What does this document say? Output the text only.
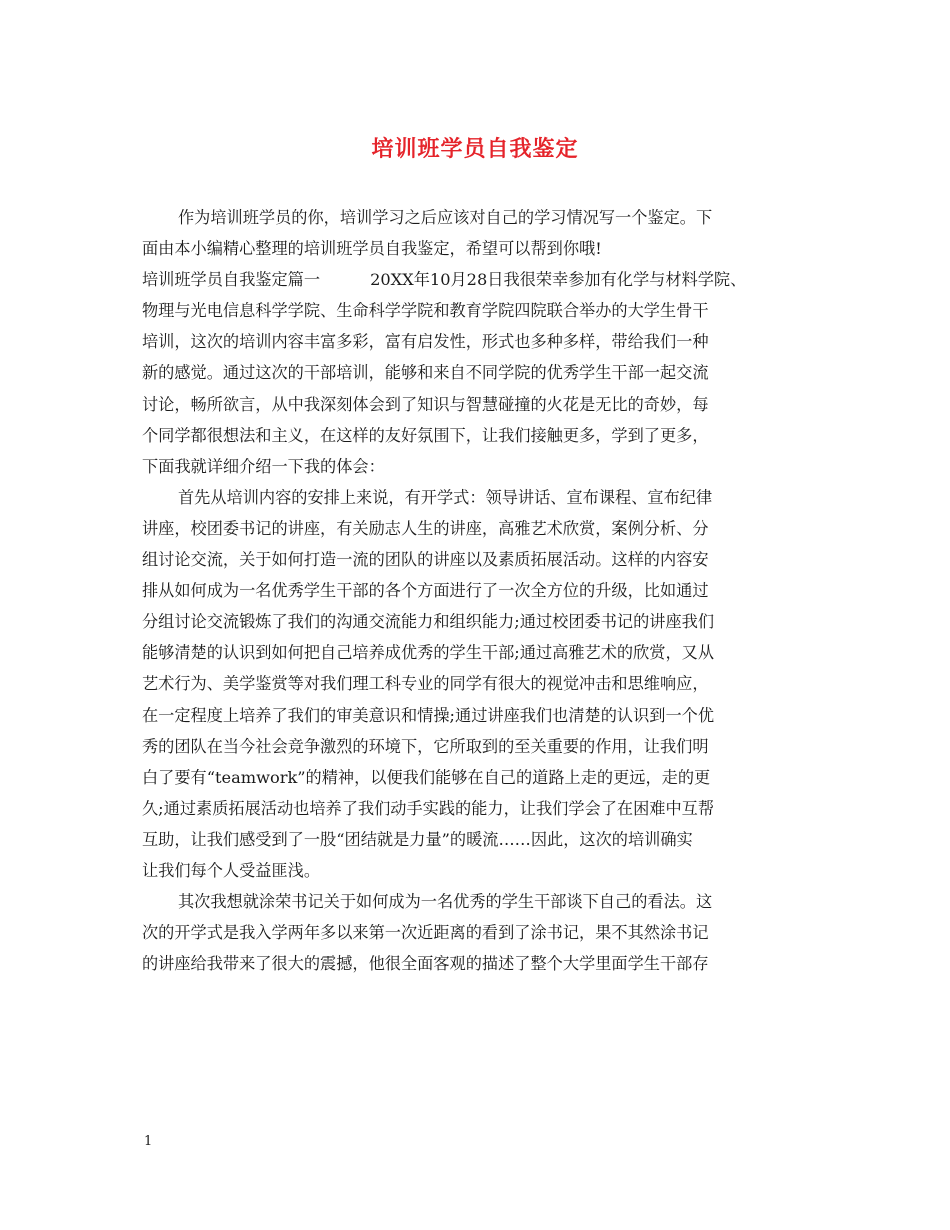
培训班学员自我鉴定
作为培训班学员的你，培训学习之后应该对自己的学习情况写一个鉴定。下
面由本小编精心整理的培训班学员自我鉴定，希望可以帮到你哦!
培训班学员自我鉴定篇一	20XX年10月28日我很荣幸参加有化学与材料学院、
物理与光电信息科学学院、生命科学学院和教育学院四院联合举办的大学生骨干
培训，这次的培训内容丰富多彩，富有启发性，形式也多种多样，带给我们一种
新的感觉。通过这次的干部培训，能够和来自不同学院的优秀学生干部一起交流
讨论，畅所欲言，从中我深刻体会到了知识与智慧碰撞的火花是无比的奇妙，每
个同学都很想法和主义，在这样的友好氛围下，让我们接触更多，学到了更多，
下面我就详细介绍一下我的体会：
首先从培训内容的安排上来说，有开学式：领导讲话、宣布课程、宣布纪律
讲座，校团委书记的讲座，有关励志人生的讲座，高雅艺术欣赏，案例分析、分
组讨论交流，关于如何打造一流的团队的讲座以及素质拓展活动。这样的内容安
排从如何成为一名优秀学生干部的各个方面进行了一次全方位的升级，比如通过
分组讨论交流锻炼了我们的沟通交流能力和组织能力;通过校团委书记的讲座我们
能够清楚的认识到如何把自己培养成优秀的学生干部;通过高雅艺术的欣赏，又从
艺术行为、美学鉴赏等对我们理工科专业的同学有很大的视觉冲击和思维响应，
在一定程度上培养了我们的审美意识和情操;通过讲座我们也清楚的认识到一个优
秀的团队在当今社会竞争激烈的环境下，它所取到的至关重要的作用，让我们明
白了要有“teamwork”的精神，以便我们能够在自己的道路上走的更远，走的更
久;通过素质拓展活动也培养了我们动手实践的能力，让我们学会了在困难中互帮
互助，让我们感受到了一股“团结就是力量”的暖流……因此，这次的培训确实
让我们每个人受益匪浅。
其次我想就涂荣书记关于如何成为一名优秀的学生干部谈下自己的看法。这
次的开学式是我入学两年多以来第一次近距离的看到了涂书记，果不其然涂书记
的讲座给我带来了很大的震撼，他很全面客观的描述了整个大学里面学生干部存
1
